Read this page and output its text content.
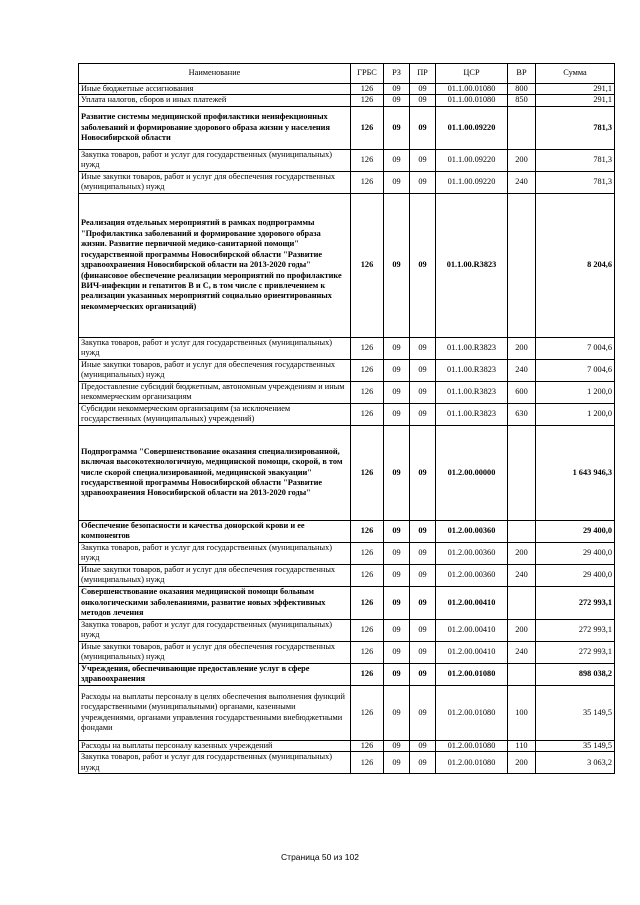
Наименование	ГРБС	РЗ	ПР	ЦСР	ВР	Сумма
Иные бюджетные ассигнования	126	09	09	01.1.00.01080	800	291,1
Уплата налогов, сборов и иных платежей	126	09	09	01.1.00.01080	850	291,1
Развитие системы медицинской профилактики неинфекционных заболеваний и формирование здорового образа жизни у населения Новосибирской области	126	09	09	01.1.00.09220		781,3
Закупка товаров, работ и услуг для государственных (муниципальных) нужд	126	09	09	01.1.00.09220	200	781,3
Иные закупки товаров, работ и услуг для обеспечения государственных (муниципальных) нужд	126	09	09	01.1.00.09220	240	781,3
Реализация отдельных мероприятий в рамках подпрограммы "Профилактика заболеваний и формирование здорового образа жизни. Развитие первичной медико-санитарной помощи" государственной программы Новосибирской области "Развитие здравоохранения Новосибирской области на 2013-2020 годы" (финансовое обеспечение реализации мероприятий по профилактике ВИЧ-инфекции и гепатитов B и C, в том числе с привлечением к реализации указанных мероприятий социально ориентированных некоммерческих организаций)	126	09	09	01.1.00.R3823		8 204,6
Закупка товаров, работ и услуг для государственных (муниципальных) нужд	126	09	09	01.1.00.R3823	200	7 004,6
Иные закупки товаров, работ и услуг для обеспечения государственных (муниципальных) нужд	126	09	09	01.1.00.R3823	240	7 004,6
Предоставление субсидий бюджетным, автономным учреждениям и иным некоммерческим организациям	126	09	09	01.1.00.R3823	600	1 200,0
Субсидии некоммерческим организациям (за исключением государственных (муниципальных) учреждений)	126	09	09	01.1.00.R3823	630	1 200,0
Подпрограмма "Совершенствование оказания специализированной, включая высокотехнологичную, медицинской помощи, скорой, в том числе скорой специализированной, медицинской эвакуации" государственной программы Новосибирской области "Развитие здравоохранения Новосибирской области на 2013-2020 годы"	126	09	09	01.2.00.00000		1 643 946,3
Обеспечение безопасности и качества донорской крови и ее компонентов	126	09	09	01.2.00.00360		29 400,0
Закупка товаров, работ и услуг для государственных (муниципальных) нужд	126	09	09	01.2.00.00360	200	29 400,0
Иные закупки товаров, работ и услуг для обеспечения государственных (муниципальных) нужд	126	09	09	01.2.00.00360	240	29 400,0
Совершенствование оказания медицинской помощи больным онкологическими заболеваниями, развитие новых эффективных методов лечения	126	09	09	01.2.00.00410		272 993,1
Закупка товаров, работ и услуг для государственных (муниципальных) нужд	126	09	09	01.2.00.00410	200	272 993,1
Иные закупки товаров, работ и услуг для обеспечения государственных (муниципальных) нужд	126	09	09	01.2.00.00410	240	272 993,1
Учреждения, обеспечивающие предоставление услуг в сфере здравоохранения	126	09	09	01.2.00.01080		898 038,2
Расходы на выплаты персоналу в целях обеспечения выполнения функций государственными (муниципальными) органами, казенными учреждениями, органами управления государственными внебюджетными фондами	126	09	09	01.2.00.01080	100	35 149,5
Расходы на выплаты персоналу казенных учреждений	126	09	09	01.2.00.01080	110	35 149,5
Закупка товаров, работ и услуг для государственных (муниципальных) нужд	126	09	09	01.2.00.01080	200	3 063,2
Страница 50 из 102
